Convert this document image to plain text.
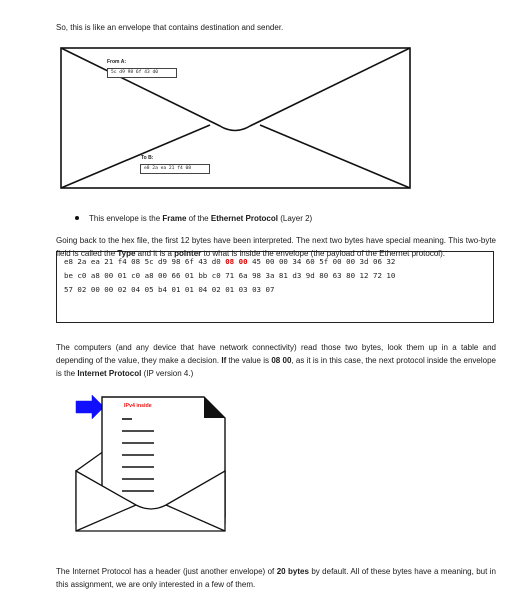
So, this is like an envelope that contains destination and sender.
From A:
5c d9 98 6f 43 d0
To B:
e8 2a ea 21 f4 08
This envelope is the Frame of the Ethernet Protocol (Layer 2)
Going back to the hex file, the first 12 bytes have been interpreted. The next two bytes have special meaning. This two-byte field is called the Type and it is a pointer to what is inside the envelope (the payload of the Ethernet protocol).
e8 2a ea 21 f4 08 5c d9 98 6f 43 d0 08 00 45 00 00 34 60 5f 00 00 3d 06 32
be c0 a8 00 01 c0 a8 00 66 01 bb c0 71 6a 98 3a 81 d3 9d 80 63 80 12 72 10
57 02 00 00 02 04 05 b4 01 01 04 02 01 03 03 07
The computers (and any device that have network connectivity) read those two bytes, look them up in a table and depending of the value, they make a decision. If the value is 08 00, as it is in this case, the next protocol inside the envelope is the Internet Protocol (IP version 4.)
IPv4 inside
The Internet Protocol has a header (just another envelope) of 20 bytes by default. All of these bytes have a meaning, but in this assignment, we are only interested in a few of them.
